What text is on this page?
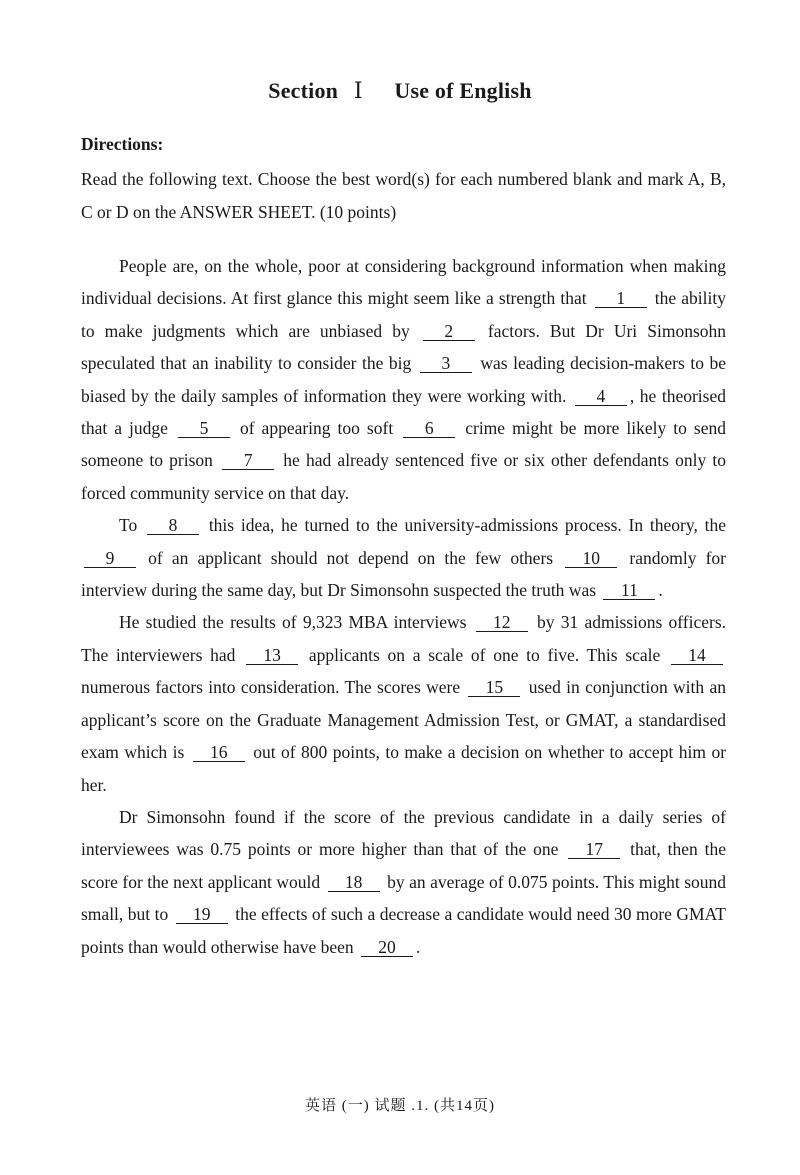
Section Ⅰ Use of English
Directions:
Read the following text. Choose the best word(s) for each numbered blank and mark A, B, C or D on the ANSWER SHEET. (10 points)

People are, on the whole, poor at considering background information when making individual decisions. At first glance this might seem like a strength that 1 the ability to make judgments which are unbiased by 2 factors. But Dr Uri Simonsohn speculated that an inability to consider the big 3 was leading decision-makers to be biased by the daily samples of information they were working with. 4 , he theorised that a judge 5 of appearing too soft 6 crime might be more likely to send someone to prison 7 he had already sentenced five or six other defendants only to forced community service on that day.

To 8 this idea, he turned to the university-admissions process. In theory, the 9 of an applicant should not depend on the few others 10 randomly for interview during the same day, but Dr Simonsohn suspected the truth was 11 .

He studied the results of 9,323 MBA interviews 12 by 31 admissions officers. The interviewers had 13 applicants on a scale of one to five. This scale 14 numerous factors into consideration. The scores were 15 used in conjunction with an applicant’s score on the Graduate Management Admission Test, or GMAT, a standardised exam which is 16 out of 800 points, to make a decision on whether to accept him or her.

Dr Simonsohn found if the score of the previous candidate in a daily series of interviewees was 0.75 points or more higher than that of the one 17 that, then the score for the next applicant would 18 by an average of 0.075 points. This might sound small, but to 19 the effects of such a decrease a candidate would need 30 more GMAT points than would otherwise have been 20 .

英语 (一) 试题 .1. (共14页)
